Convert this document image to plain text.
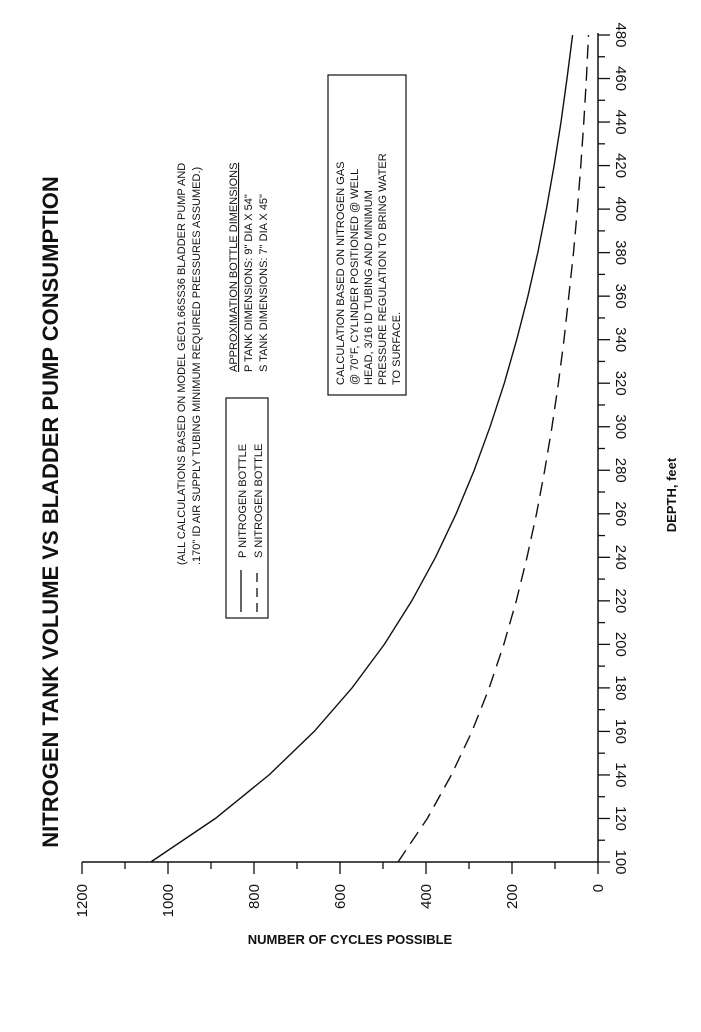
NITROGEN TANK VOLUME VS BLADDER PUMP CONSUMPTION
NUMBER OF CYCLES POSSIBLE
DEPTH, feet
(ALL CALCULATIONS BASED ON MODEL GEO1.66SS36 BLADDER PUMP AND .170" ID AIR SUPPLY TUBING MINIMUM REQUIRED PRESSURES ASSUMED.)	P NITROGEN BOTTLE S NITROGEN BOTTLE
APPROXIMATION BOTTLE DIMENSIONS P TANK DIMENSIONS: 9" DIA X 54" S TANK DIMENSIONS: 7" DIA X 45"	CALCULATION BASED ON NITROGEN GAS @ 70°F, CYLINDER POSITIONED @ WELL HEAD, 3/16 ID TUBING AND MINIMUM PRESSURE REGULATION TO BRING WATER TO SURFACE.
100
120
140
160
180
200
220
240
260
280
300
320
340
360
380
400
420
440
460
480
0
200
400
600
800
1000
1200
